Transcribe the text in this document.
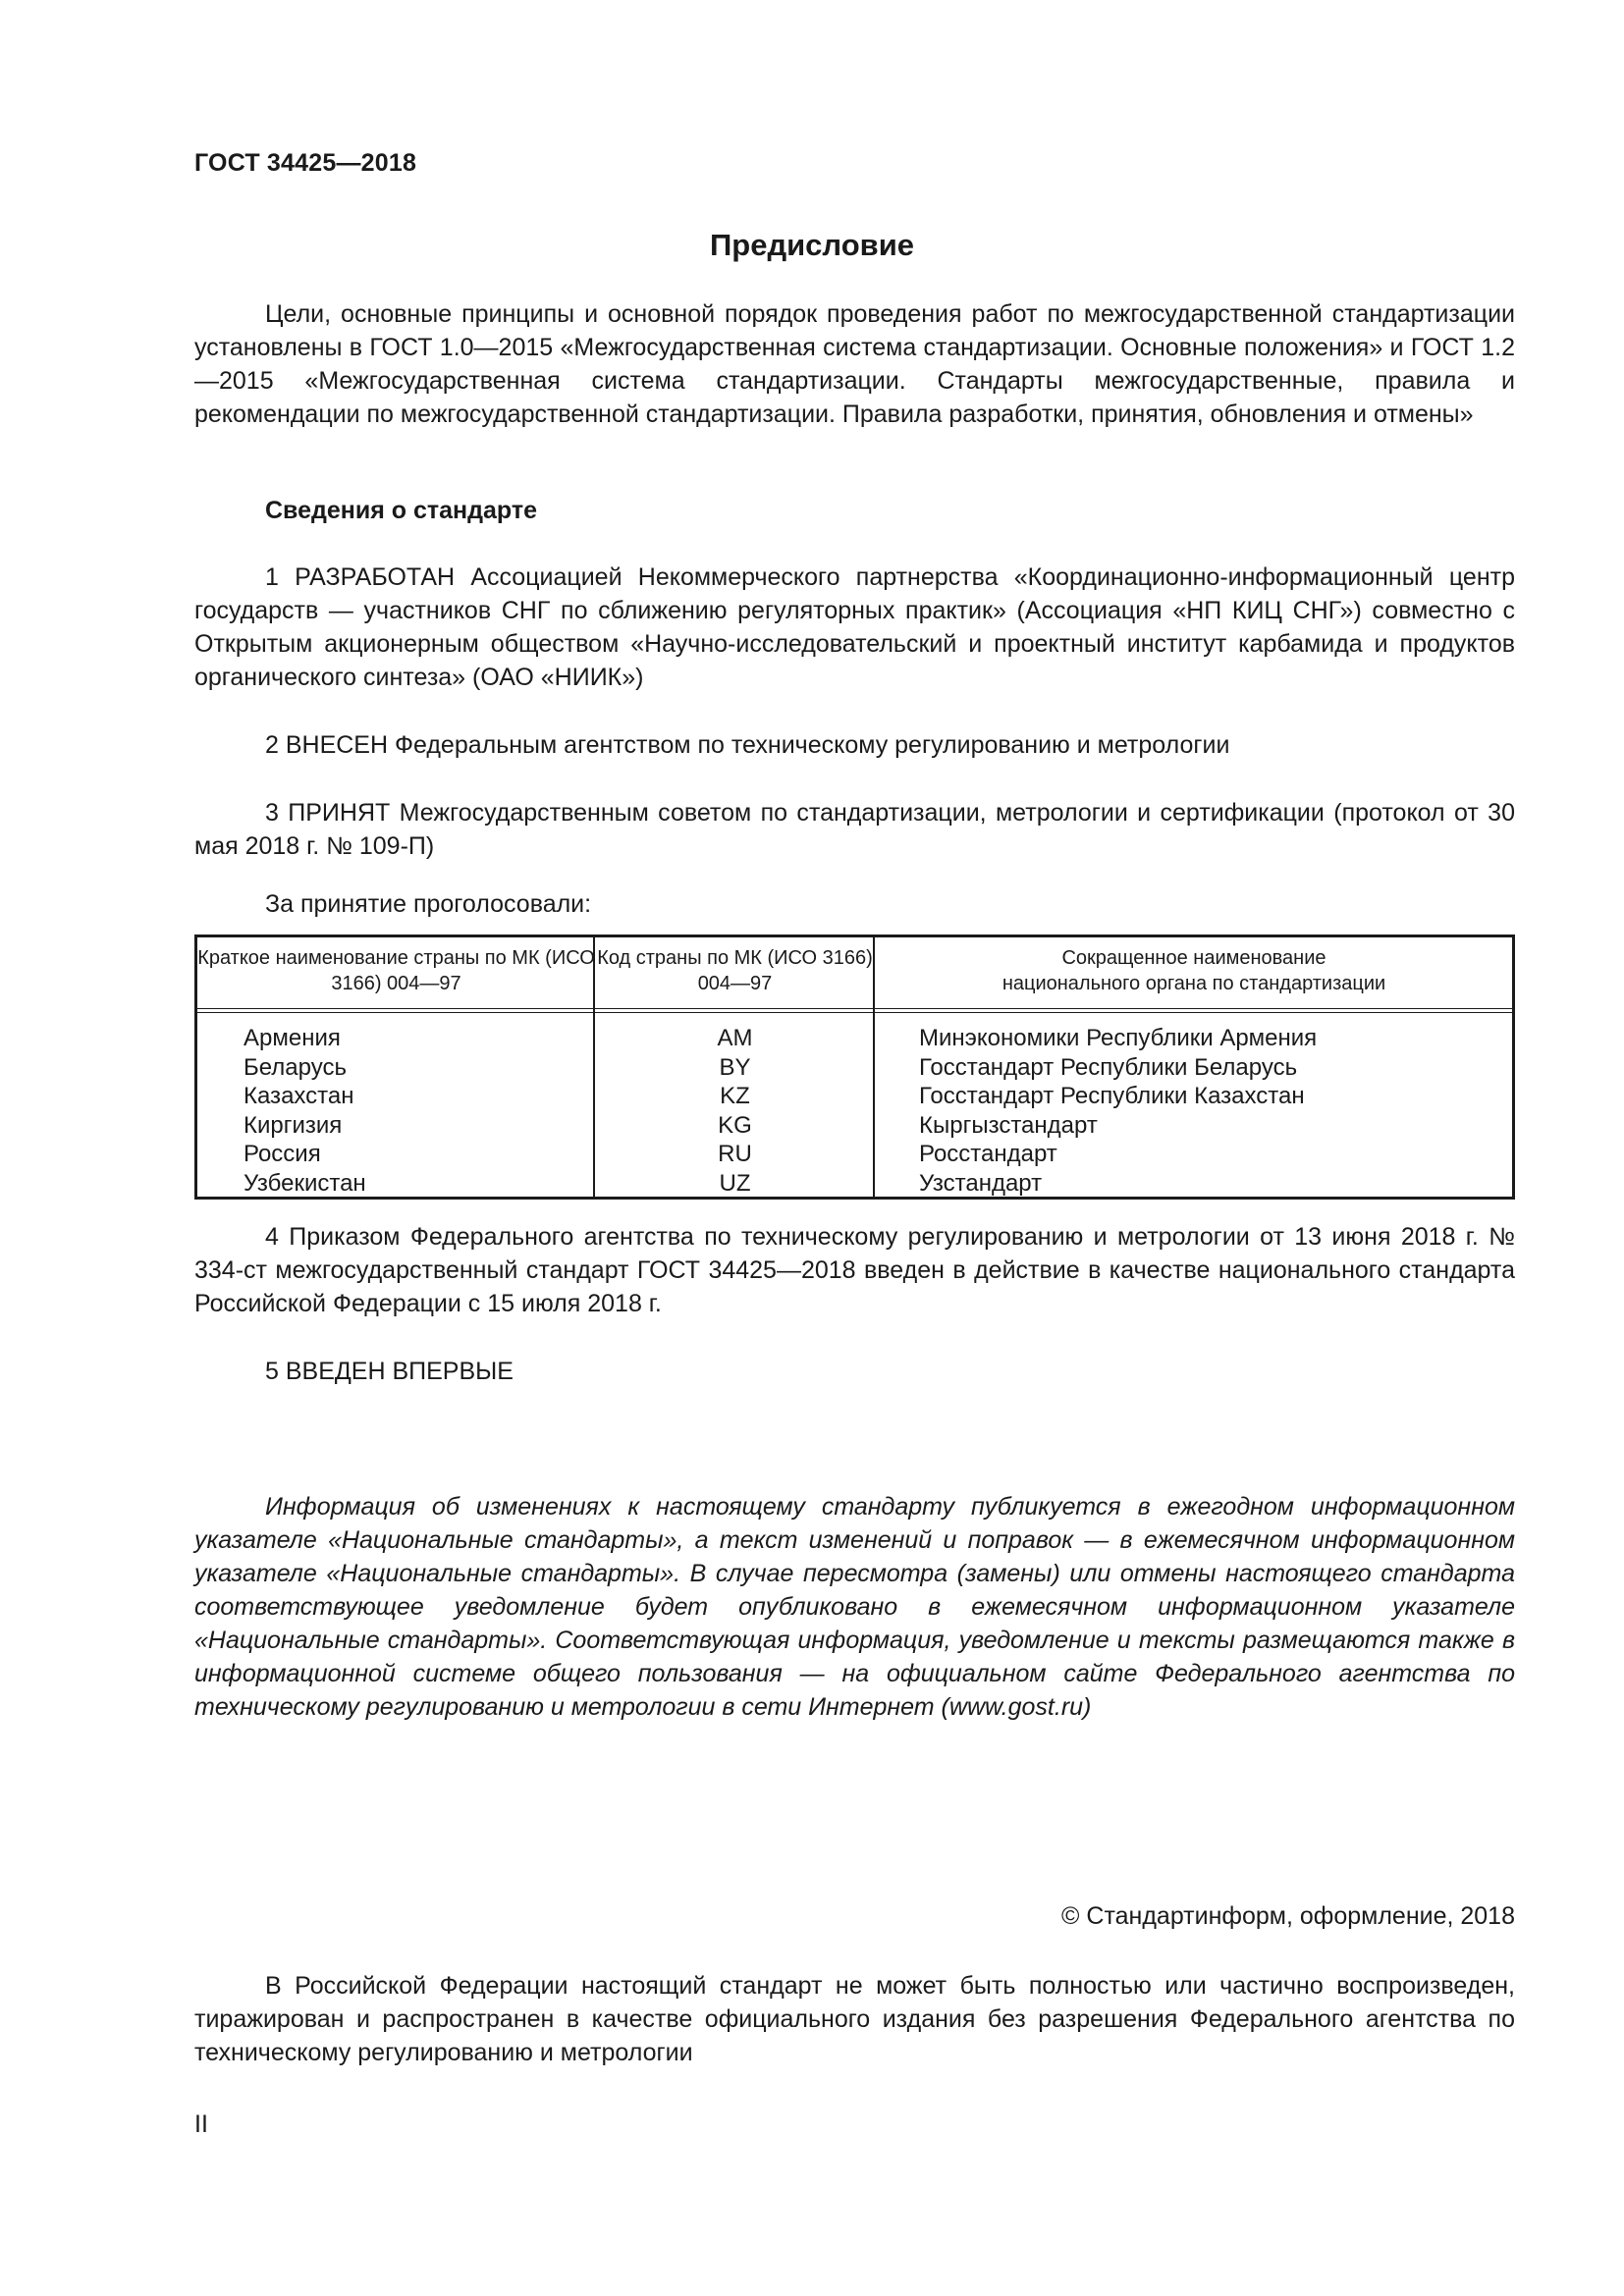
ГОСТ 34425—2018
Предисловие

Цели, основные принципы и основной порядок проведения работ по межгосударственной стандартизации установлены в ГОСТ 1.0—2015 «Межгосударственная система стандартизации. Основные положения» и ГОСТ 1.2—2015 «Межгосударственная система стандартизации. Стандарты межгосударственные, правила и рекомендации по межгосударственной стандартизации. Правила разработки, принятия, обновления и отмены»

Сведения о стандарте

1 РАЗРАБОТАН Ассоциацией Некоммерческого партнерства «Координационно-информационный центр государств — участников СНГ по сближению регуляторных практик» (Ассоциация «НП КИЦ СНГ») совместно с Открытым акционерным обществом «Научно-исследовательский и проектный институт карбамида и продуктов органического синтеза» (ОАО «НИИК»)

2 ВНЕСЕН Федеральным агентством по техническому регулированию и метрологии

3 ПРИНЯТ Межгосударственным советом по стандартизации, метрологии и сертификации (протокол от 30 мая 2018 г. № 109-П)

За принятие проголосовали:

Краткое наименование страны по МК (ИСО 3166) 004—97
Код страны по МК (ИСО 3166) 004—97
Сокращенное наименование национального органа по стандартизации
Армения
Беларусь
Казахстан
Киргизия
Россия
Узбекистан
AM
BY
KZ
KG
RU
UZ
Минэкономики Республики Армения
Госстандарт Республики Беларусь
Госстандарт Республики Казахстан
Кыргызстандарт
Росстандарт
Узстандарт

4 Приказом Федерального агентства по техническому регулированию и метрологии от 13 июня 2018 г. № 334-ст межгосударственный стандарт ГОСТ 34425—2018 введен в действие в качестве национального стандарта Российской Федерации с 15 июля 2018 г.

5 ВВЕДЕН ВПЕРВЫЕ

Информация об изменениях к настоящему стандарту публикуется в ежегодном информационном указателе «Национальные стандарты», а текст изменений и поправок — в ежемесячном информационном указателе «Национальные стандарты». В случае пересмотра (замены) или отмены настоящего стандарта соответствующее уведомление будет опубликовано в ежемесячном информационном указателе «Национальные стандарты». Соответствующая информация, уведомление и тексты размещаются также в информационной системе общего пользования — на официальном сайте Федерального агентства по техническому регулированию и метрологии в сети Интернет (www.gost.ru)

© Стандартинформ, оформление, 2018

В Российской Федерации настоящий стандарт не может быть полностью или частично воспроизведен, тиражирован и распространен в качестве официального издания без разрешения Федерального агентства по техническому регулированию и метрологии

II
